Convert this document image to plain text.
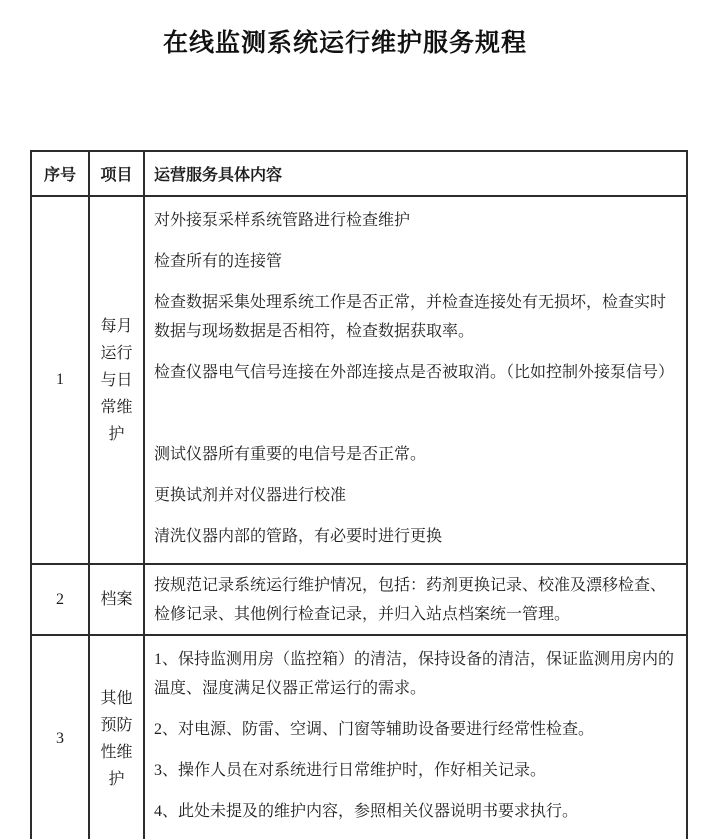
在线监测系统运行维护服务规程
序号	项目	运营服务具体内容
1	每月运行与日常维护	

对外接泵采样系统管路进行检查维护

检查所有的连接管

检查数据采集处理系统工作是否正常，并检查连接处有无损坏，检查实时数据与现场数据是否相符，检查数据获取率。

检查仪器电气信号连接在外部连接点是否被取消。（比如控制外接泵信号）

测试仪器所有重要的电信号是否正常。

更换试剂并对仪器进行校准

清洗仪器内部的管路，有必要时进行更换

2	档案	按规范记录系统运行维护情况，包括：药剂更换记录、校准及漂移检查、检修记录、其他例行检查记录，并归入站点档案统一管理。

3	其他预防性维护	1、保持监测用房（监控箱）的清洁，保持设备的清洁，保证监测用房内的温度、湿度满足仪器正常运行的需求。

2、对电源、防雷、空调、门窗等辅助设备要进行经常性检查。

3、操作人员在对系统进行日常维护时，作好相关记录。

4、此处未提及的维护内容，参照相关仪器说明书要求执行。
